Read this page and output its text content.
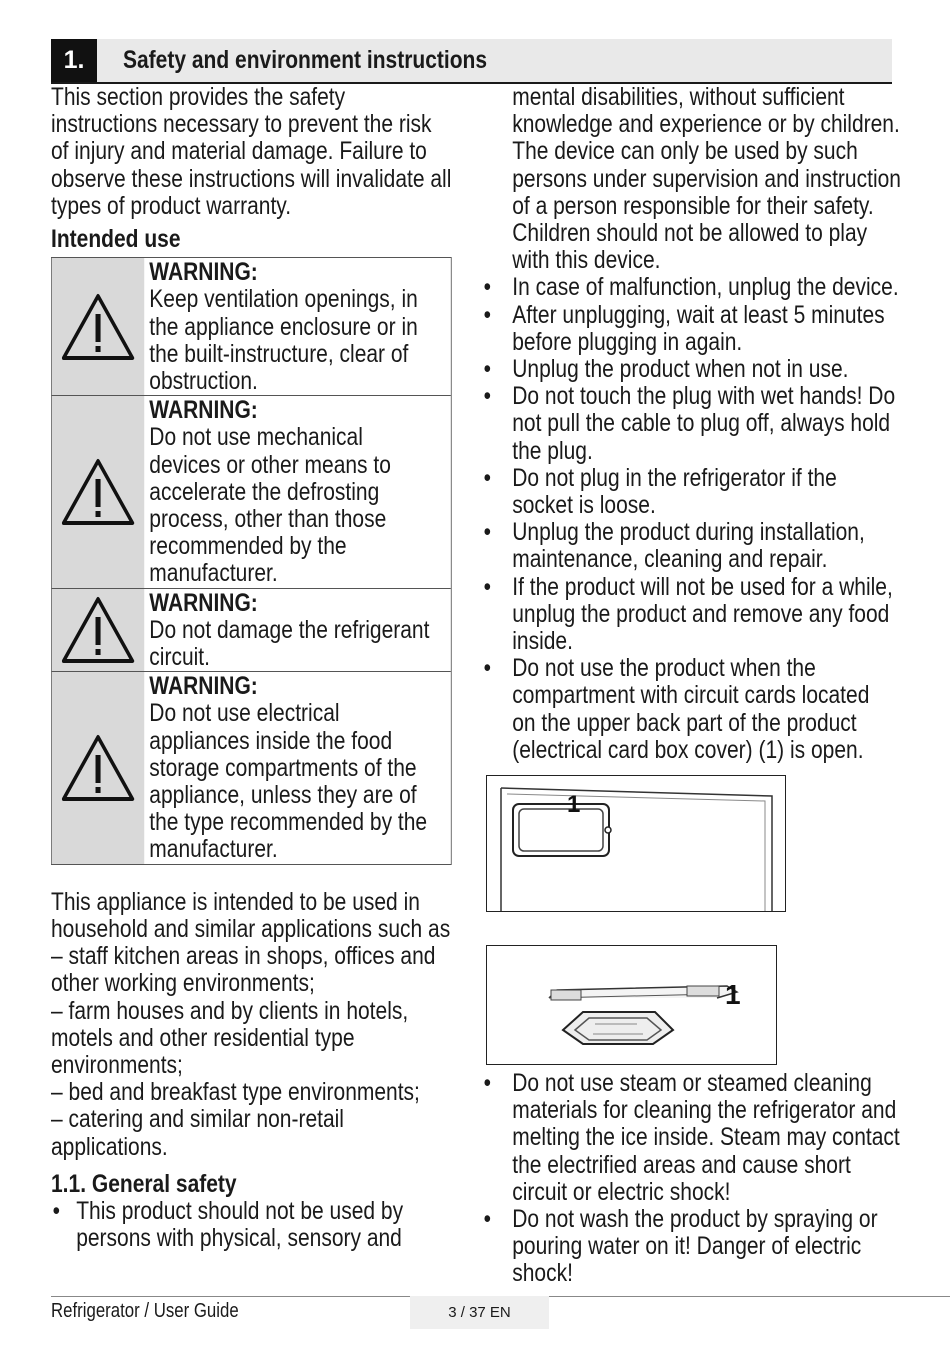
1.	Safety and environment instructions

This section provides the safety
instructions necessary to prevent the risk
of injury and material damage. Failure to
observe these instructions will invalidate all
types of product warranty.

Intended use

WARNING:
Keep ventilation openings, in
the appliance enclosure or in
the built-instructure, clear of
obstruction.
WARNING:
Do not use mechanical
devices or other means to
accelerate the defrosting
process, other than those
recommended by the
manufacturer.
WARNING:
Do not damage the refrigerant
circuit.
WARNING:
Do not use electrical
appliances inside the food
storage compartments of the
appliance, unless they are of
the type recommended by the
manufacturer.

This appliance is intended to be used in
household and similar applications such as
– staff kitchen areas in shops, offices and
other working environments;
– farm houses and by clients in hotels,
motels and other residential type
environments;
– bed and breakfast type environments;
– catering and similar non-retail
applications.

1.1. General safety

• This product should not be used by
persons with physical, sensory and
mental disabilities, without sufficient
knowledge and experience or by children.
The device can only be used by such
persons under supervision and instruction
of a person responsible for their safety.
Children should not be allowed to play
with this device.
• In case of malfunction, unplug the device.
• After unplugging, wait at least 5 minutes
before plugging in again.
• Unplug the product when not in use.
• Do not touch the plug with wet hands! Do
not pull the cable to plug off, always hold
the plug.
• Do not plug in the refrigerator if the
socket is loose.
• Unplug the product during installation,
maintenance, cleaning and repair.
• If the product will not be used for a while,
unplug the product and remove any food
inside.
• Do not use the product when the
compartment with circuit cards located
on the upper back part of the product
(electrical card box cover) (1) is open.
1
1
• Do not use steam or steamed cleaning
materials for cleaning the refrigerator and
melting the ice inside. Steam may contact
the electrified areas and cause short
circuit or electric shock!
• Do not wash the product by spraying or
pouring water on it! Danger of electric
shock!
Refrigerator / User Guide	3 / 37 EN
